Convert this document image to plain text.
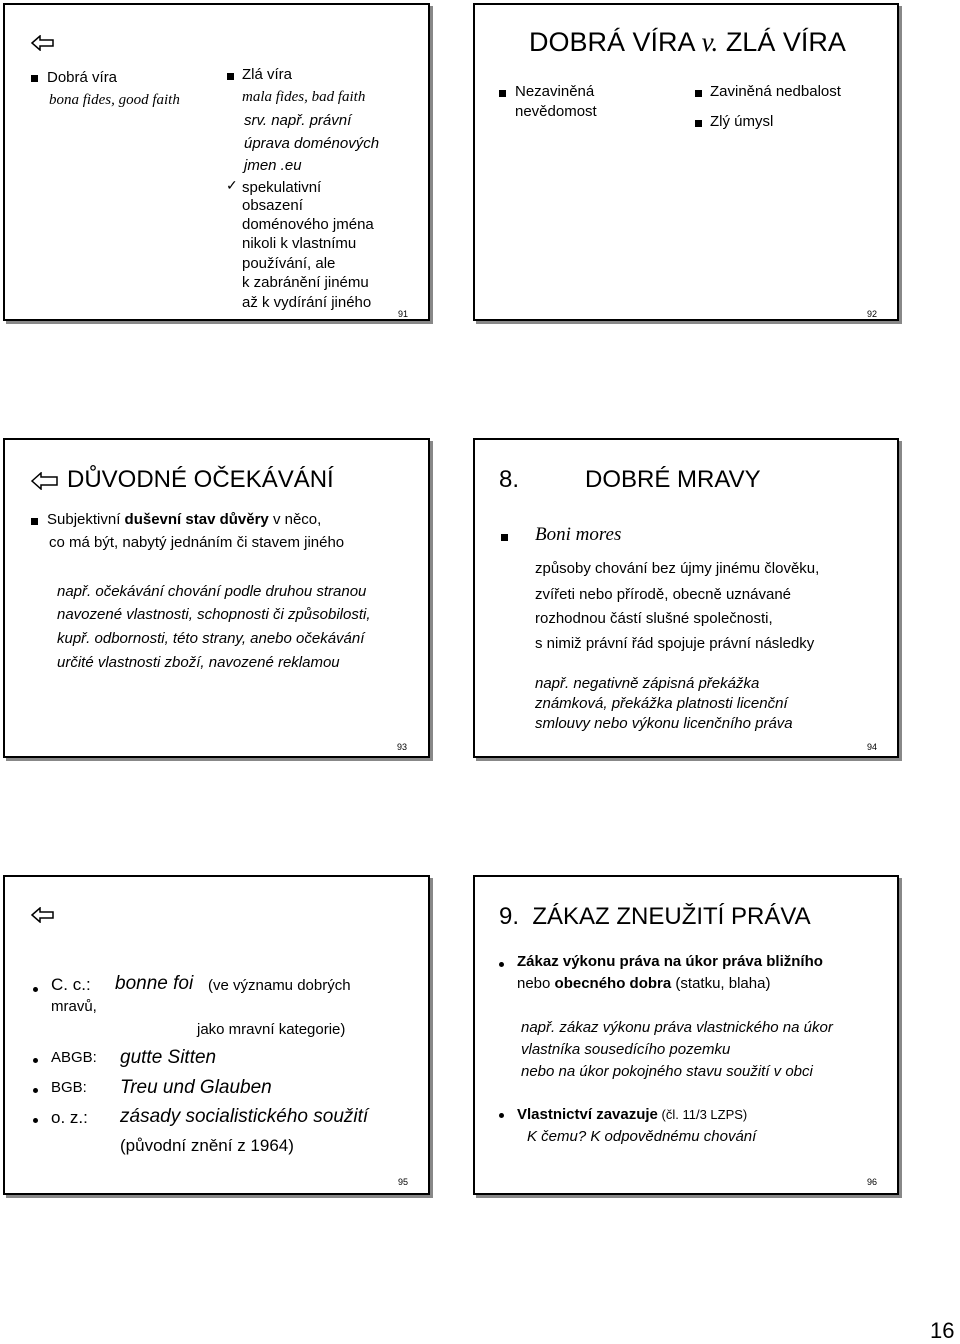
Dobrá víra
bona fides, good faith
Zlá víra
mala fides, bad faith
srv. např. právní
úprava doménových
jmen .eu
✓ spekulativní
obsazení
doménového jména
nikoli k vlastnímu
používání, ale
k zabránění jinému
až k vydírání jiného
91
DOBRÁ VÍRA v. ZLÁ VÍRA
Nezaviněná
nevědomost
Zaviněná nedbalost
Zlý úmysl
92
DŮVODNÉ OČEKÁVÁNÍ
Subjektivní duševní stav důvěry v něco,
co má být, nabytý jednáním či stavem jiného
např. očekávání chování podle druhou stranou
navozené vlastnosti, schopnosti či způsobilosti,
kupř. odbornosti, této strany, anebo očekávání
určité vlastnosti zboží, navozené reklamou
93
8.	DOBRÉ MRAVY
Boni mores
způsoby chování bez újmy jinému člověku,
zvířeti nebo přírodě, obecně uznávané
rozhodnou částí slušné společnosti,
s nimiž právní řád spojuje právní následky
např. negativně zápisná překážka
známková, překážka platnosti licenční
smlouvy nebo výkonu licenčního práva
94
C. c.: bonne foi (ve významu dobrých
mravů,
jako mravní kategorie)
ABGB: gutte Sitten
BGB: Treu und Glauben
o. z.: zásady socialistického soužití
(původní znění z 1964)
95
9.  ZÁKAZ ZNEUŽITÍ PRÁVA
Zákaz výkonu práva na úkor práva bližního
nebo obecného dobra (statku, blaha)
např. zákaz výkonu práva vlastnického na úkor
vlastníka sousedícího pozemku
nebo na úkor pokojného stavu soužití v obci
Vlastnictví zavazuje (čl. 11/3 LZPS)
K čemu? K odpovědnému chování
96
16
